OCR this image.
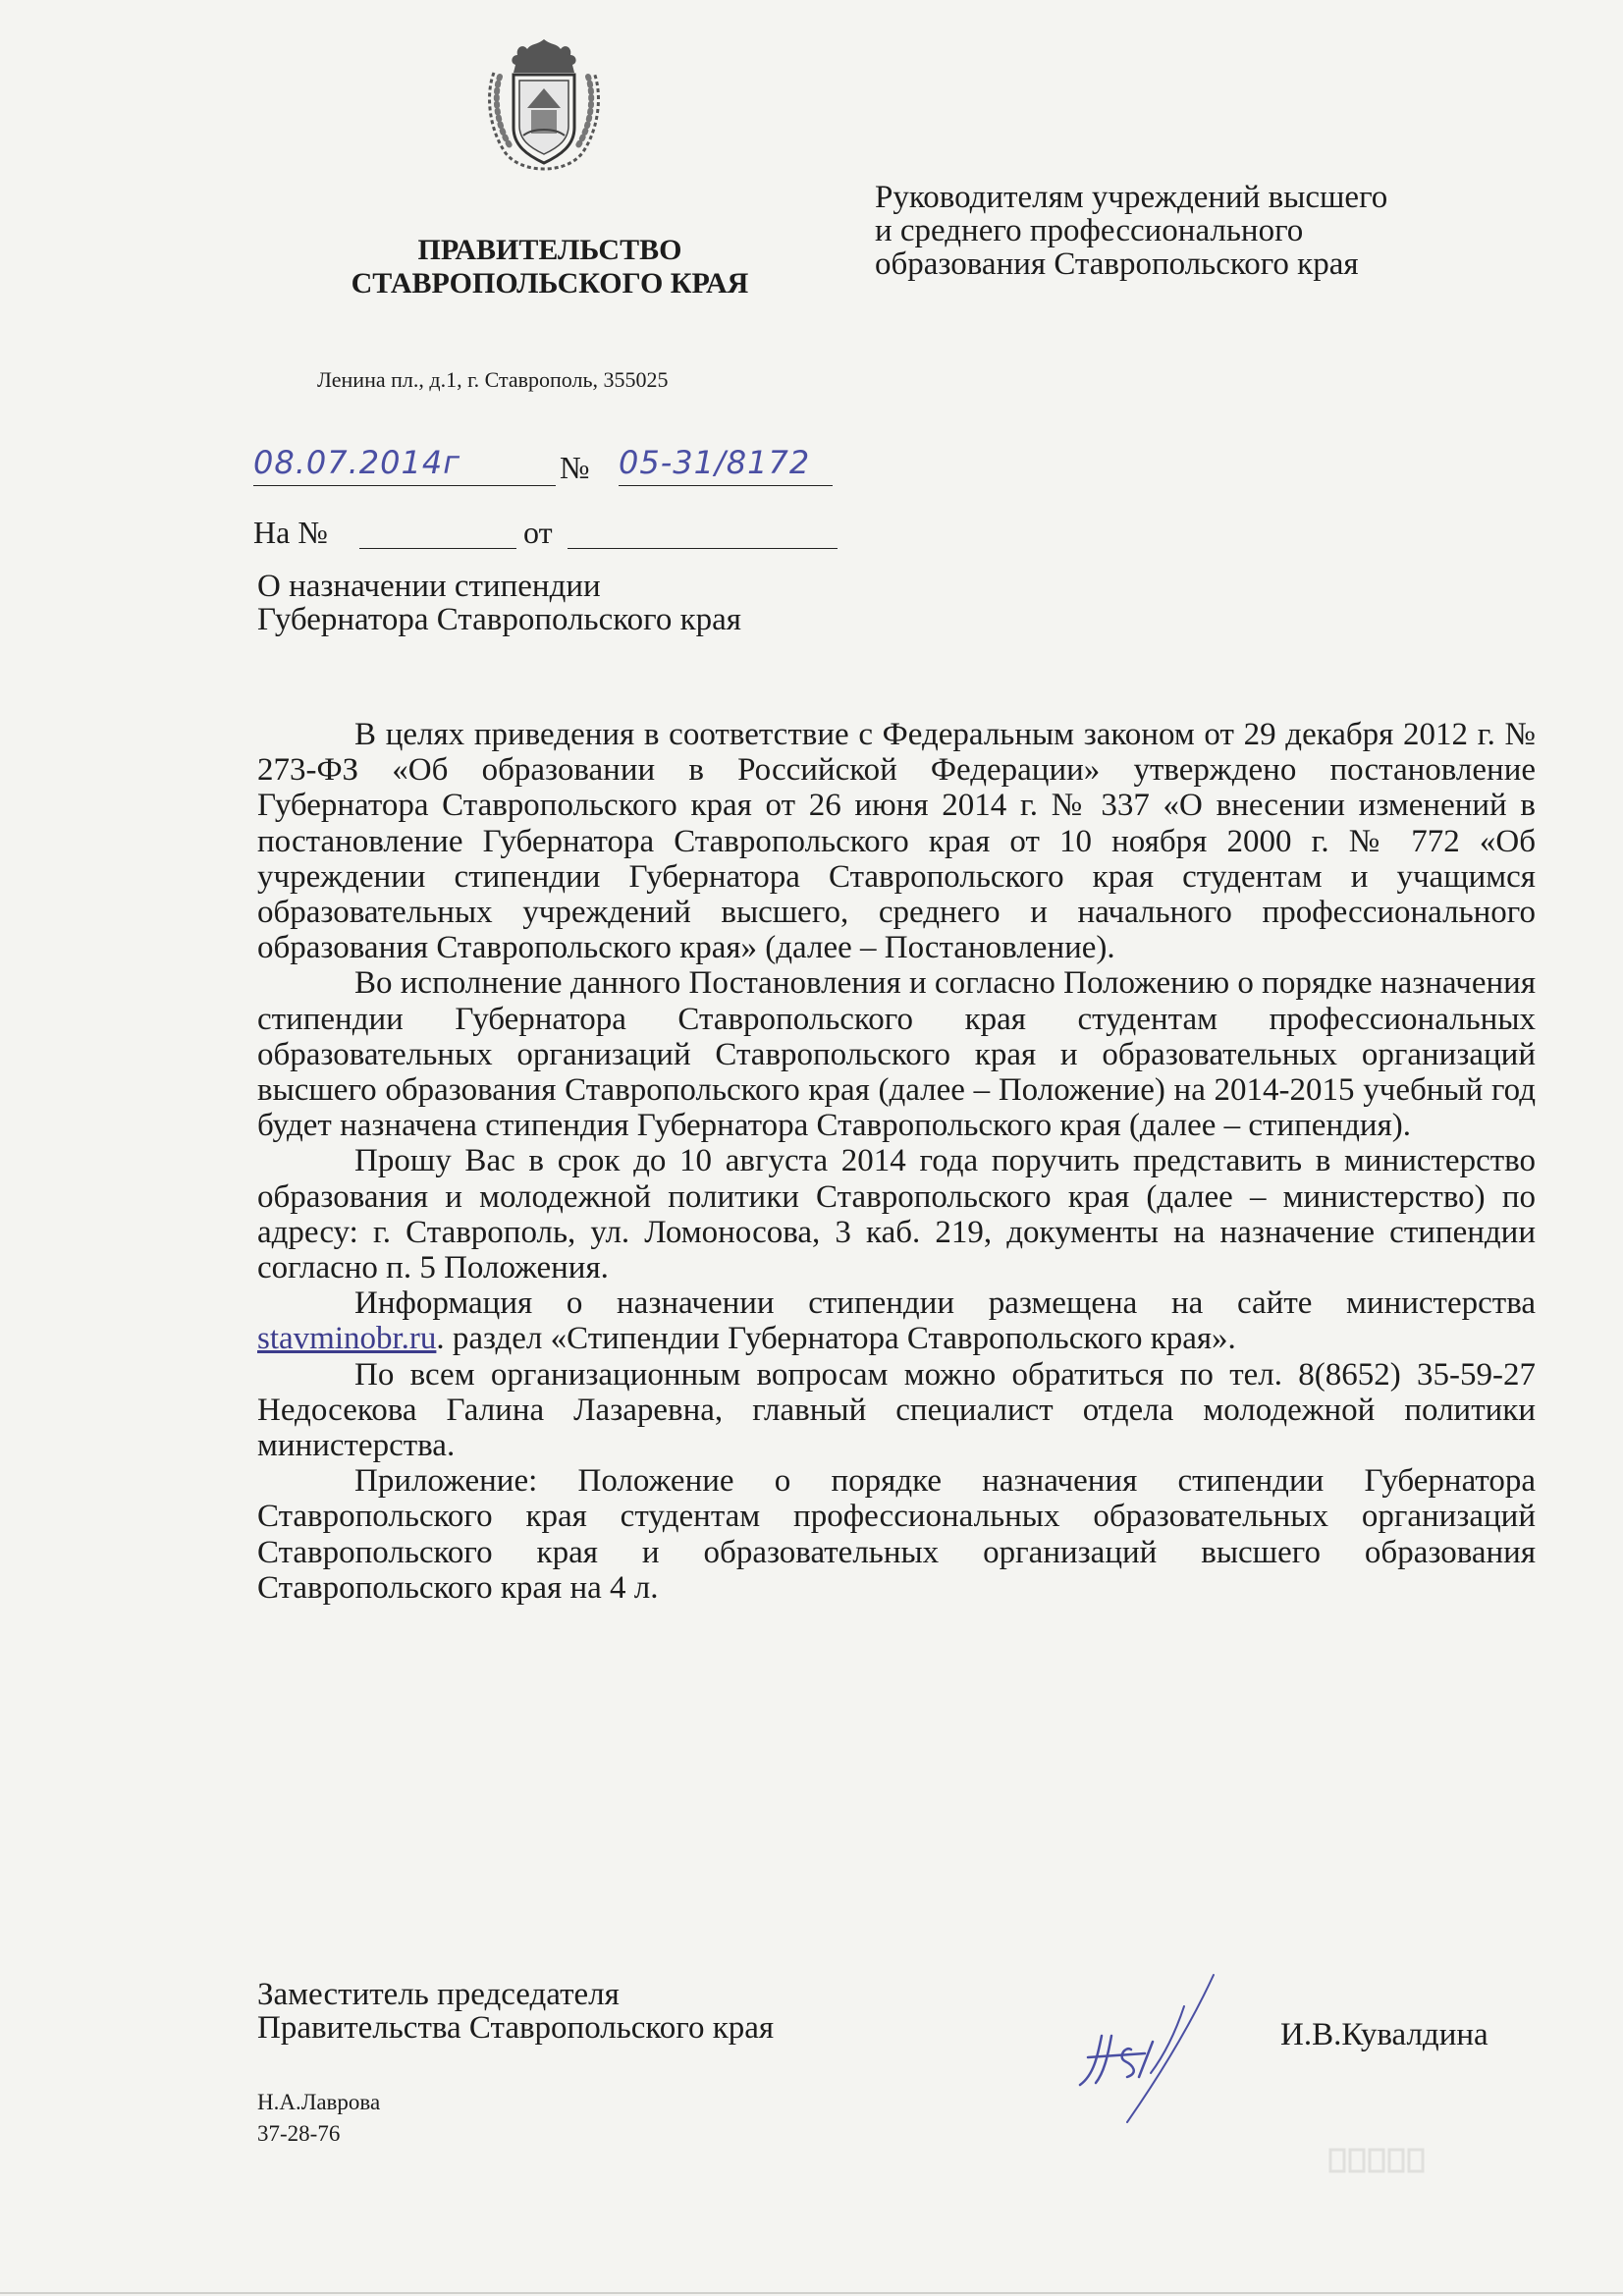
ПРАВИТЕЛЬСТВО
СТАВРОПОЛЬСКОГО КРАЯ
Ленина пл., д.1, г. Ставрополь, 355025
Руководителям учреждений высшего
и среднего профессионального
образования Ставропольского края
08.07.2014г	№ 05-31/8172
На №	от
О назначении стипендии
Губернатора Ставропольского края

В целях приведения в соответствие с Федеральным законом от 29 декабря 2012 г. № 273-ФЗ «Об образовании в Российской Федерации» утверждено постановление Губернатора Ставропольского края от 26 июня 2014 г. № 337 «О внесении изменений в постановление Губернатора Ставропольского края от 10 ноября 2000 г. № 772 «Об учреждении стипендии Губернатора Ставропольского края студентам и учащимся образовательных учреждений высшего, среднего и начального профессионального образования Ставропольского края» (далее – Постановление).

Во исполнение данного Постановления и согласно Положению о порядке назначения стипендии Губернатора Ставропольского края студентам профессиональных образовательных организаций Ставропольского края и образовательных организаций высшего образования Ставропольского края (далее – Положение) на 2014-2015 учебный год будет назначена стипендия Губернатора Ставропольского края (далее – стипендия).

Прошу Вас в срок до 10 августа 2014 года поручить представить в министерство образования и молодежной политики Ставропольского края (далее – министерство) по адресу: г. Ставрополь, ул. Ломоносова, 3 каб. 219, документы на назначение стипендии согласно п. 5 Положения.

Информация о назначении стипендии размещена на сайте министерства stavminobr.ru. раздел «Стипендии Губернатора Ставропольского края».

По всем организационным вопросам можно обратиться по тел. 8(8652) 35-59-27 Недосекова Галина Лазаревна, главный специалист отдела молодежной политики министерства.

Приложение: Положение о порядке назначения стипендии Губернатора Ставропольского края студентам профессиональных образовательных организаций Ставропольского края и образовательных организаций высшего образования Ставропольского края на 4 л.

Заместитель председателя
Правительства Ставропольского края	И.В.Кувалдина
Н.А.Лаврова
37-28-76
